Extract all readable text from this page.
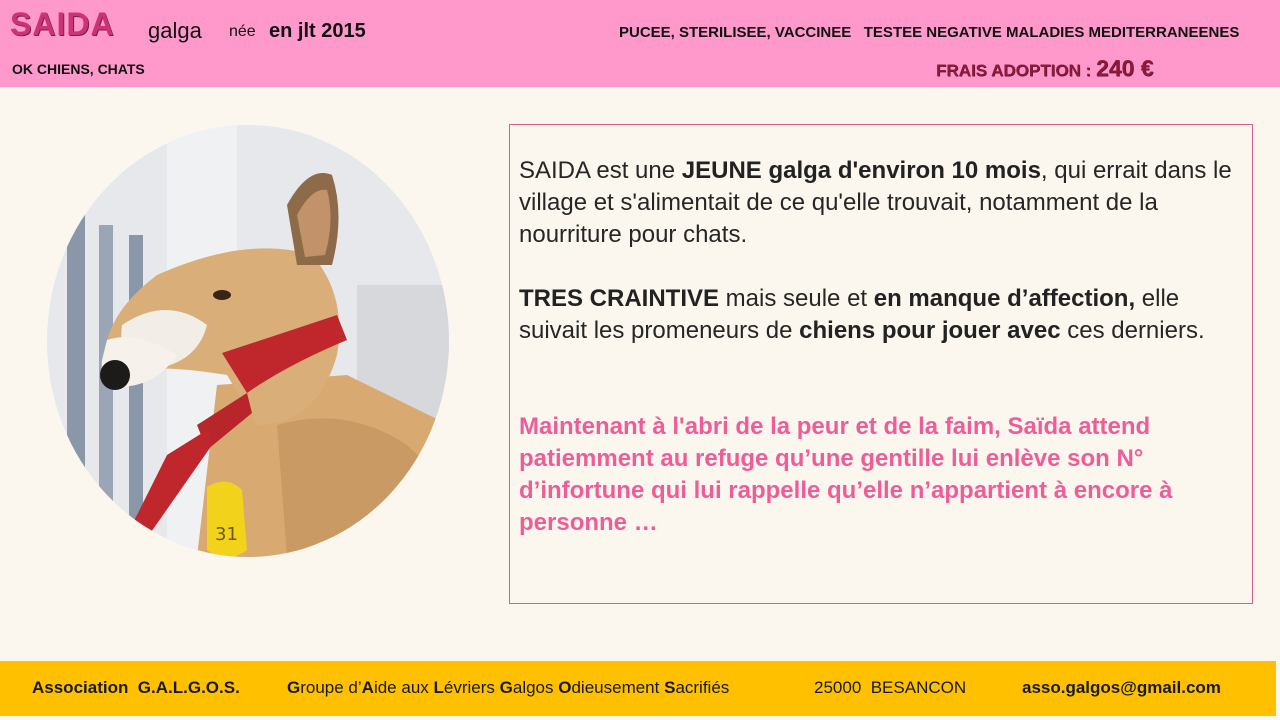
SAIDA galga née en jlt 2015	PUCEE, STERILISEE, VACCINEE   TESTEE NEGATIVE MALADIES MEDITERRANEENES
OK CHIENS, CHATS	FRAIS ADOPTION : 240 €
31
SAIDA est une JEUNE galga d'environ 10 mois, qui errait dans le village et s'alimentait de ce qu'elle trouvait, notamment de la nourriture pour chats.
TRES CRAINTIVE mais seule et en manque d’affection, elle suivait les promeneurs de chiens pour jouer avec ces derniers.
Maintenant à l'abri de la peur et de la faim, Saïda attend patiemment au refuge qu’une gentille lui enlève son N° d’infortune qui lui rappelle qu’elle n’appartient à encore à personne …
Association  G.A.L.G.O.S.	Groupe d’Aide aux Lévriers Galgos Odieusement Sacrifiés	25000  BESANCON	asso.galgos@gmail.com
